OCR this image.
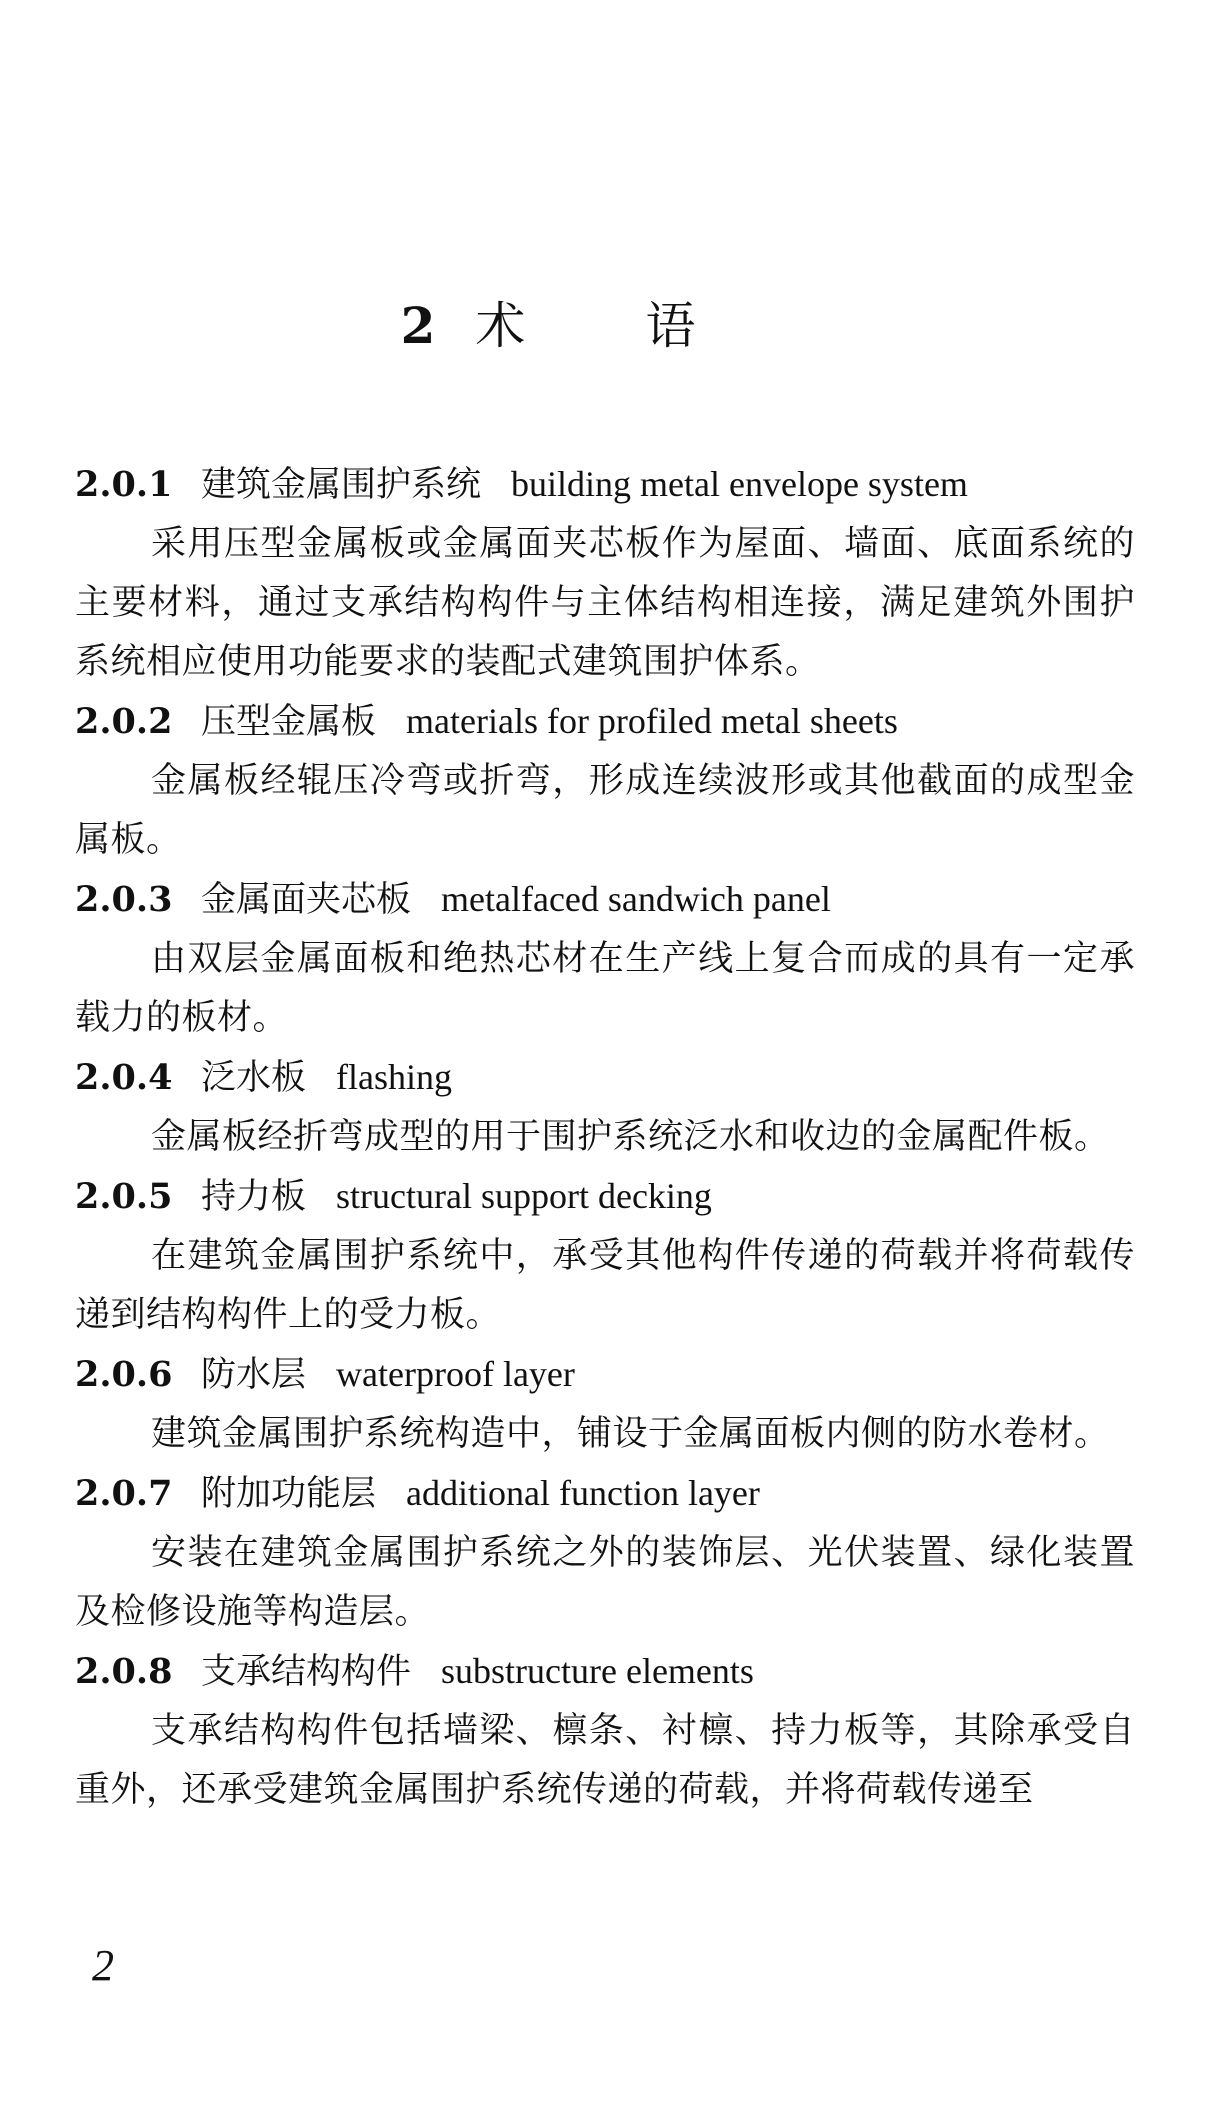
2 术语
2.0.1 建筑金属围护系统 building metal envelope system
采用压型金属板或金属面夹芯板作为屋面、墙面、底面系统的主要材料，通过支承结构构件与主体结构相连接，满足建筑外围护系统相应使用功能要求的装配式建筑围护体系。
2.0.2 压型金属板 materials for profiled metal sheets
金属板经辊压冷弯或折弯，形成连续波形或其他截面的成型金属板。
2.0.3 金属面夹芯板 metalfaced sandwich panel
由双层金属面板和绝热芯材在生产线上复合而成的具有一定承载力的板材。
2.0.4 泛水板 flashing
金属板经折弯成型的用于围护系统泛水和收边的金属配件板。
2.0.5 持力板 structural support decking
在建筑金属围护系统中，承受其他构件传递的荷载并将荷载传递到结构构件上的受力板。
2.0.6 防水层 waterproof layer
建筑金属围护系统构造中，铺设于金属面板内侧的防水卷材。
2.0.7 附加功能层 additional function layer
安装在建筑金属围护系统之外的装饰层、光伏装置、绿化装置及检修设施等构造层。
2.0.8 支承结构构件 substructure elements
支承结构构件包括墙梁、檩条、衬檩、持力板等，其除承受自重外，还承受建筑金属围护系统传递的荷载，并将荷载传递至
2
